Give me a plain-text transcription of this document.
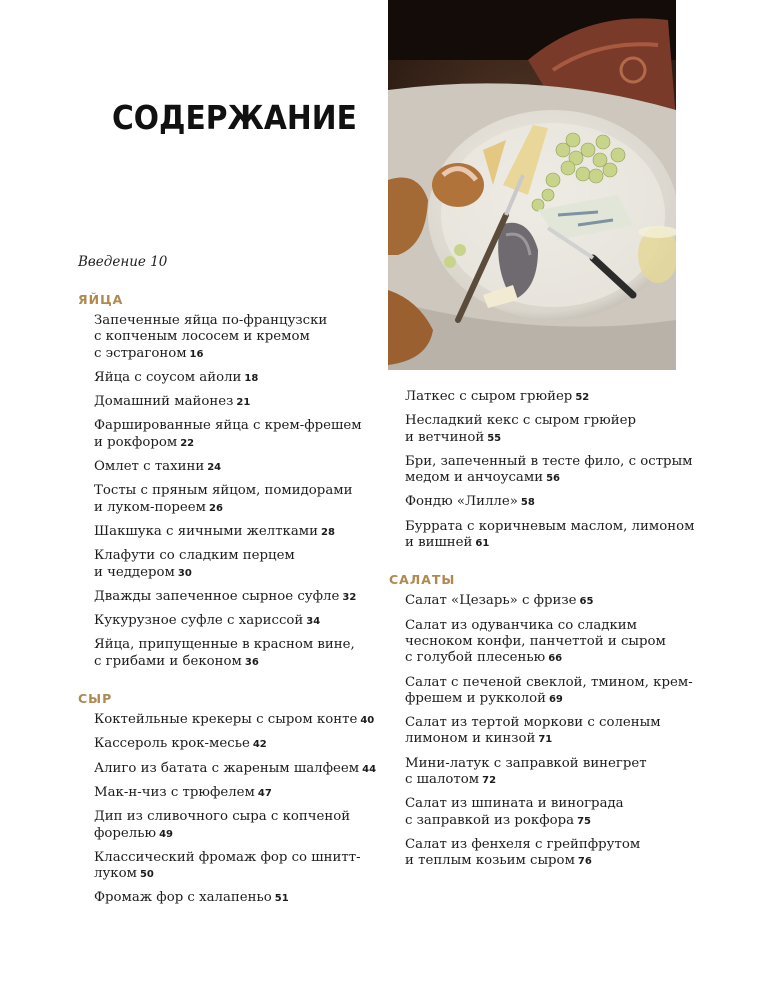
СОДЕРЖАНИЕ
Введение 10
ЯЙЦА
Запеченные яйца по-французски
с копченым лососем и кремом
с эстрагоном 16
Яйца с соусом айоли 18
Домашний майонез 21
Фаршированные яйца с крем-фрешем
и рокфором 22
Омлет с тахини 24
Тосты с пряным яйцом, помидорами
и луком-пореем 26
Шакшука с яичными желтками 28
Клафути со сладким перцем
и чеддером 30
Дважды запеченное сырное суфле 32
Кукурузное суфле с хариссой 34
Яйца, припущенные в красном вине,
с грибами и беконом 36
СЫР
Коктейльные крекеры с сыром конте 40
Кассероль крок-месье 42
Алиго из батата с жареным шалфеем 44
Мак-н-чиз с трюфелем 47
Дип из сливочного сыра с копченой
форелью 49
Классический фромаж фор со шнитт-
луком 50
Фромаж фор с халапеньо 51
Латкес с сыром грюйер 52
Несладкий кекс с сыром грюйер
и ветчиной 55
Бри, запеченный в тесте фило, с острым
медом и анчоусами 56
Фондю «Лилле» 58
Буррата с коричневым маслом, лимоном
и вишней 61
САЛАТЫ
Салат «Цезарь» с фризе 65
Салат из одуванчика со сладким
чесноком конфи, панчеттой и сыром
с голубой плесенью 66
Салат с печеной свеклой, тмином, крем-
фрешем и рукколой 69
Салат из тертой моркови с соленым
лимоном и кинзой 71
Мини-латук с заправкой винегрет
с шалотом 72
Салат из шпината и винограда
с заправкой из рокфора 75
Салат из фенхеля с грейпфрутом
и теплым козьим сыром 76
